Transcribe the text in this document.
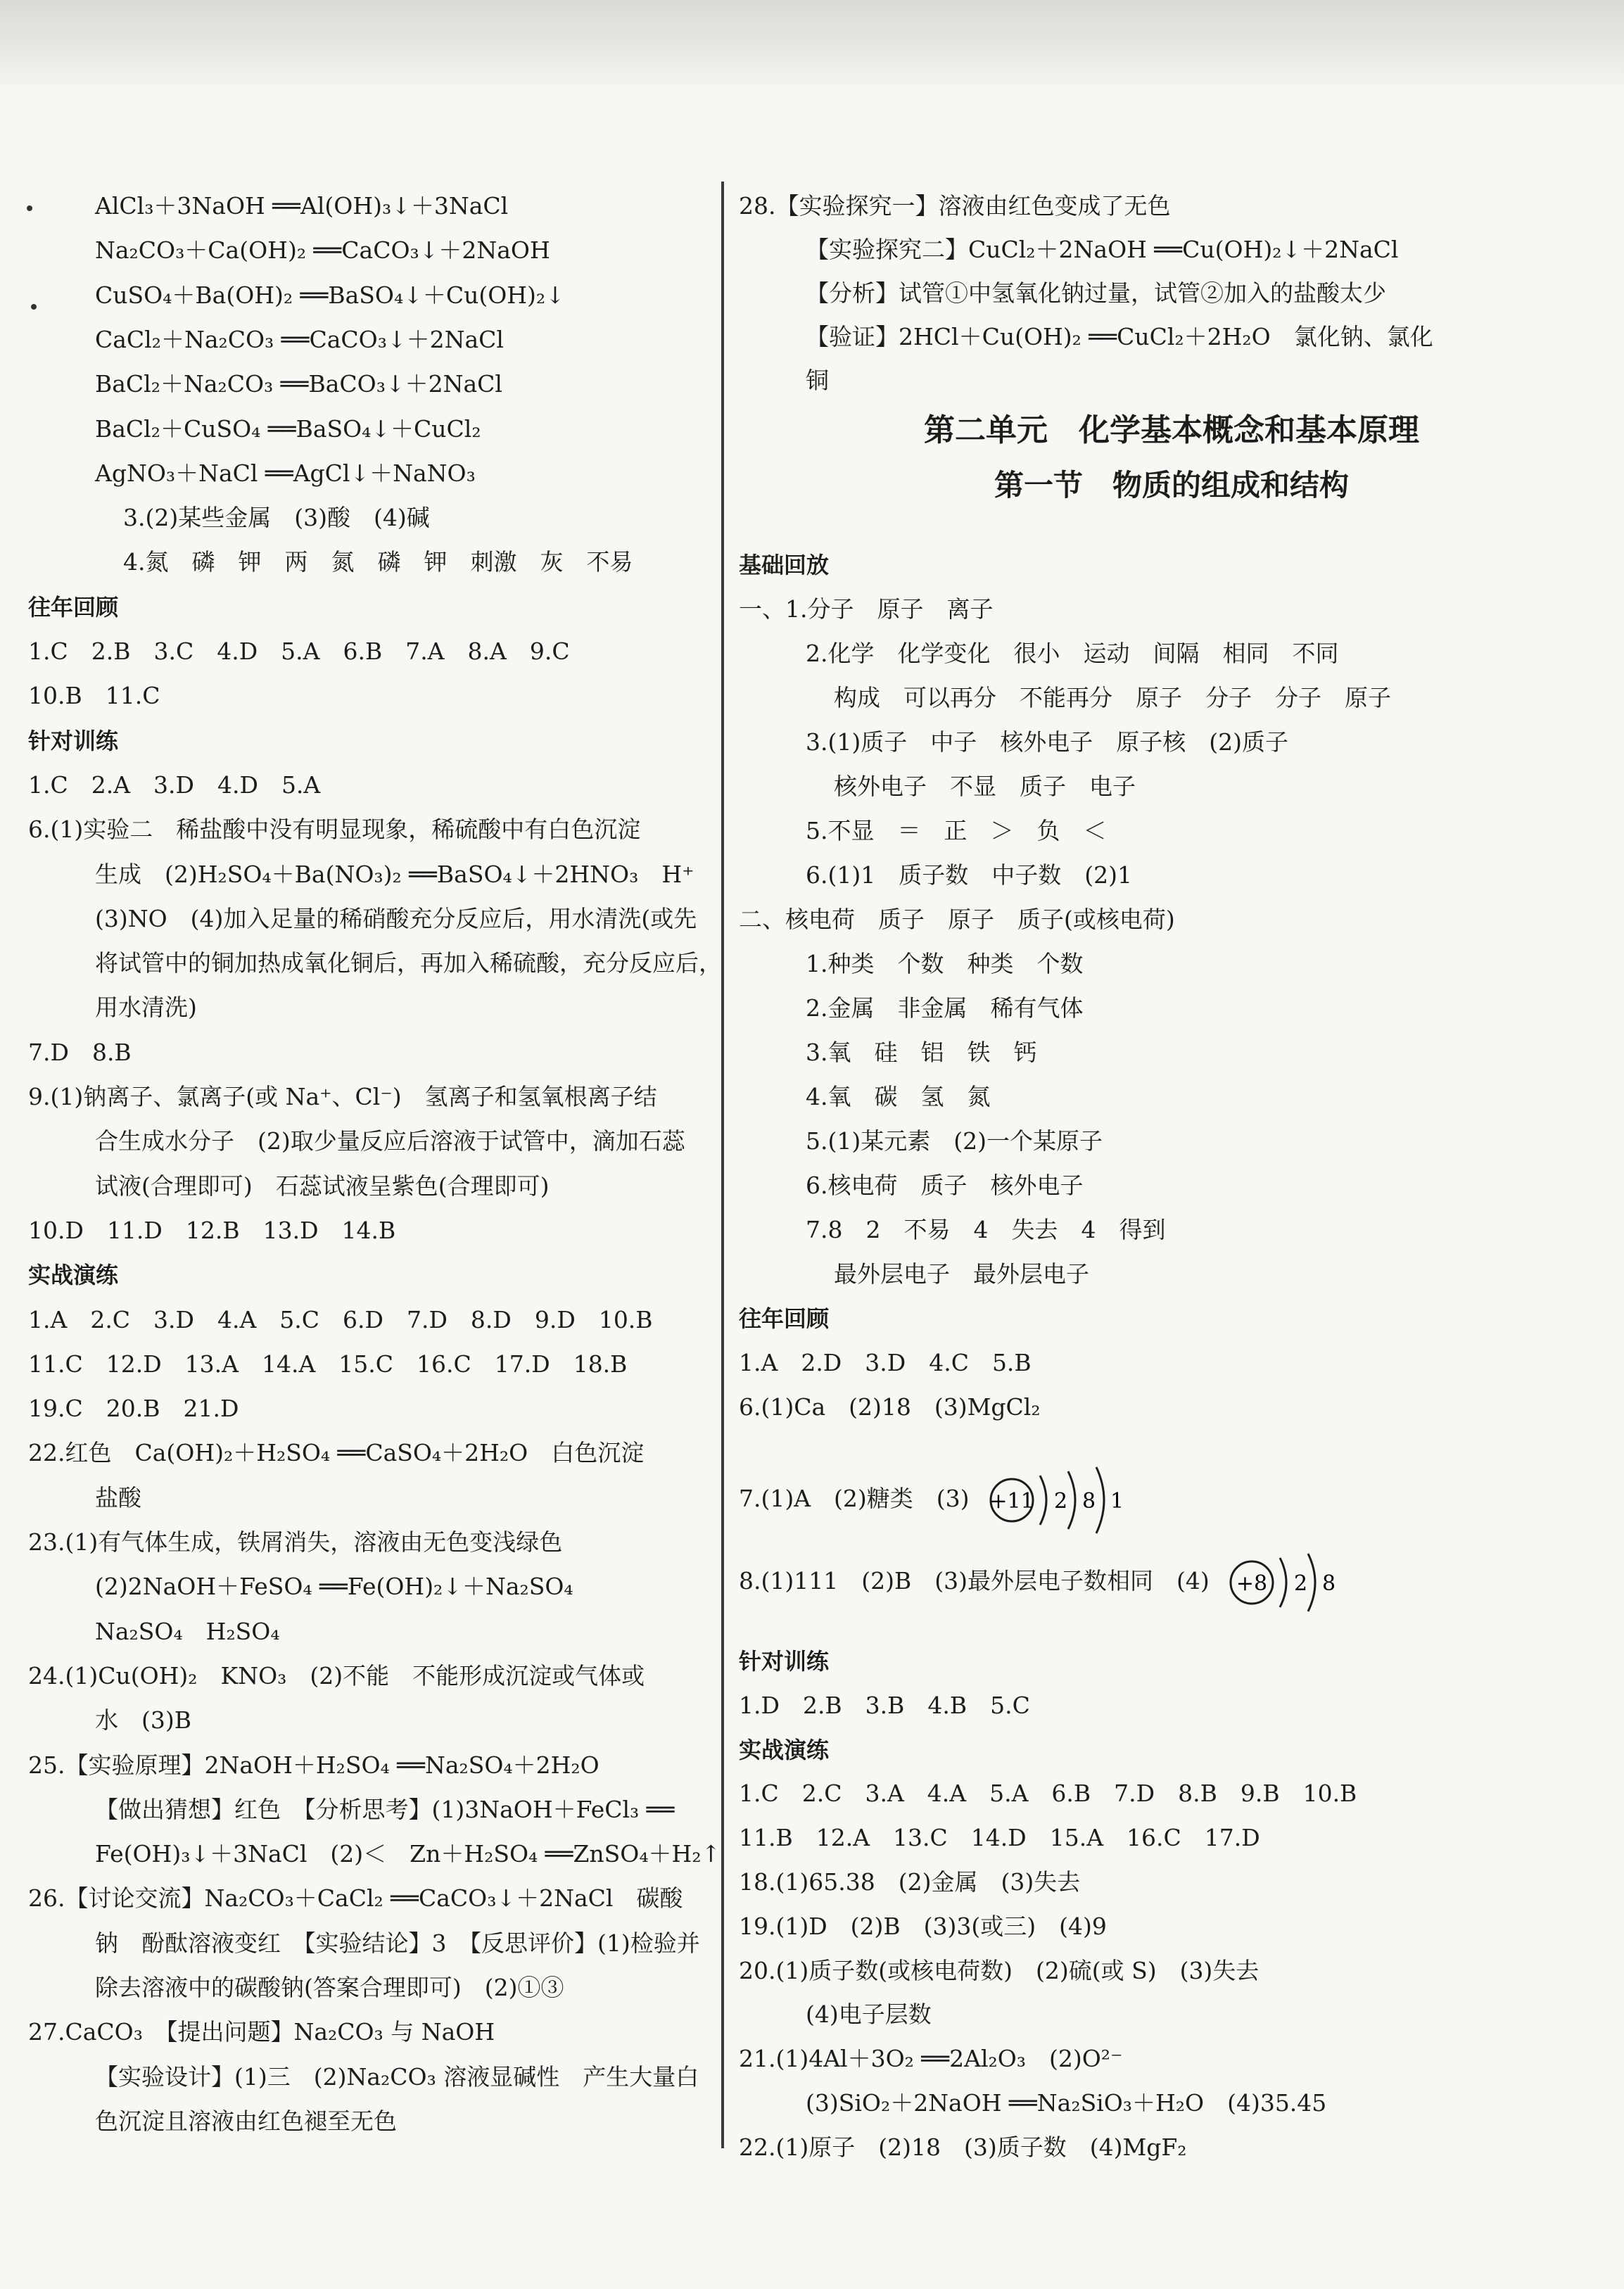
AlCl₃＋3NaOH ══Al(OH)₃↓＋3NaCl
Na₂CO₃＋Ca(OH)₂ ══CaCO₃↓＋2NaOH
CuSO₄＋Ba(OH)₂ ══BaSO₄↓＋Cu(OH)₂↓
CaCl₂＋Na₂CO₃ ══CaCO₃↓＋2NaCl
BaCl₂＋Na₂CO₃ ══BaCO₃↓＋2NaCl
BaCl₂＋CuSO₄ ══BaSO₄↓＋CuCl₂
AgNO₃＋NaCl ══AgCl↓＋NaNO₃
3.(2)某些金属　(3)酸　(4)碱
4.氮　磷　钾　两　氮　磷　钾　刺激　灰　不易
往年回顾
1.C　2.B　3.C　4.D　5.A　6.B　7.A　8.A　9.C
10.B　11.C
针对训练
1.C　2.A　3.D　4.D　5.A
6.(1)实验二　稀盐酸中没有明显现象，稀硫酸中有白色沉淀
生成　(2)H₂SO₄＋Ba(NO₃)₂ ══BaSO₄↓＋2HNO₃　H⁺
(3)NO　(4)加入足量的稀硝酸充分反应后，用水清洗(或先
将试管中的铜加热成氧化铜后，再加入稀硫酸，充分反应后，
用水清洗)
7.D　8.B
9.(1)钠离子、氯离子(或 Na⁺、Cl⁻)　氢离子和氢氧根离子结
合生成水分子　(2)取少量反应后溶液于试管中，滴加石蕊
试液(合理即可)　石蕊试液呈紫色(合理即可)
10.D　11.D　12.B　13.D　14.B
实战演练
1.A　2.C　3.D　4.A　5.C　6.D　7.D　8.D　9.D　10.B
11.C　12.D　13.A　14.A　15.C　16.C　17.D　18.B
19.C　20.B　21.D
22.红色　Ca(OH)₂＋H₂SO₄ ══CaSO₄＋2H₂O　白色沉淀
盐酸
23.(1)有气体生成，铁屑消失，溶液由无色变浅绿色
(2)2NaOH＋FeSO₄ ══Fe(OH)₂↓＋Na₂SO₄
Na₂SO₄　H₂SO₄
24.(1)Cu(OH)₂　KNO₃　(2)不能　不能形成沉淀或气体或
水　(3)B
25.【实验原理】2NaOH＋H₂SO₄ ══Na₂SO₄＋2H₂O
【做出猜想】红色　【分析思考】(1)3NaOH＋FeCl₃ ══
Fe(OH)₃↓＋3NaCl　(2)＜　Zn＋H₂SO₄ ══ZnSO₄＋H₂↑
26.【讨论交流】Na₂CO₃＋CaCl₂ ══CaCO₃↓＋2NaCl　碳酸
钠　酚酞溶液变红　【实验结论】3　【反思评价】(1)检验并
除去溶液中的碳酸钠(答案合理即可)　(2)①③
27.CaCO₃　【提出问题】Na₂CO₃ 与 NaOH
【实验设计】(1)三　(2)Na₂CO₃ 溶液显碱性　产生大量白
色沉淀且溶液由红色褪至无色
28.【实验探究一】溶液由红色变成了无色
【实验探究二】CuCl₂＋2NaOH ══Cu(OH)₂↓＋2NaCl
【分析】试管①中氢氧化钠过量，试管②加入的盐酸太少
【验证】2HCl＋Cu(OH)₂ ══CuCl₂＋2H₂O　氯化钠、氯化
铜
第二单元　化学基本概念和基本原理
第一节　物质的组成和结构
基础回放
一、1.分子　原子　离子
2.化学　化学变化　很小　运动　间隔　相同　不同
构成　可以再分　不能再分　原子　分子　分子　原子
3.(1)质子　中子　核外电子　原子核　(2)质子
核外电子　不显　质子　电子
5.不显　＝　正　＞　负　＜
6.(1)1　质子数　中子数　(2)1
二、核电荷　质子　原子　质子(或核电荷)
1.种类　个数　种类　个数
2.金属　非金属　稀有气体
3.氧　硅　铝　铁　钙
4.氧　碳　氢　氮
5.(1)某元素　(2)一个某原子
6.核电荷　质子　核外电子
7.8　2　不易　4　失去　4　得到
最外层电子　最外层电子
往年回顾
1.A　2.D　3.D　4.C　5.B
6.(1)Ca　(2)18　(3)MgCl₂
7.(1)A　(2)糖类　(3) +11 2 8 1
8.(1)111　(2)B　(3)最外层电子数相同　(4) +8 2 8
针对训练
1.D　2.B　3.B　4.B　5.C
实战演练
1.C　2.C　3.A　4.A　5.A　6.B　7.D　8.B　9.B　10.B
11.B　12.A　13.C　14.D　15.A　16.C　17.D
18.(1)65.38　(2)金属　(3)失去
19.(1)D　(2)B　(3)3(或三)　(4)9
20.(1)质子数(或核电荷数)　(2)硫(或 S)　(3)失去
(4)电子层数
21.(1)4Al＋3O₂ ══2Al₂O₃　(2)O²⁻
(3)SiO₂＋2NaOH ══Na₂SiO₃＋H₂O　(4)35.45
22.(1)原子　(2)18　(3)质子数　(4)MgF₂
